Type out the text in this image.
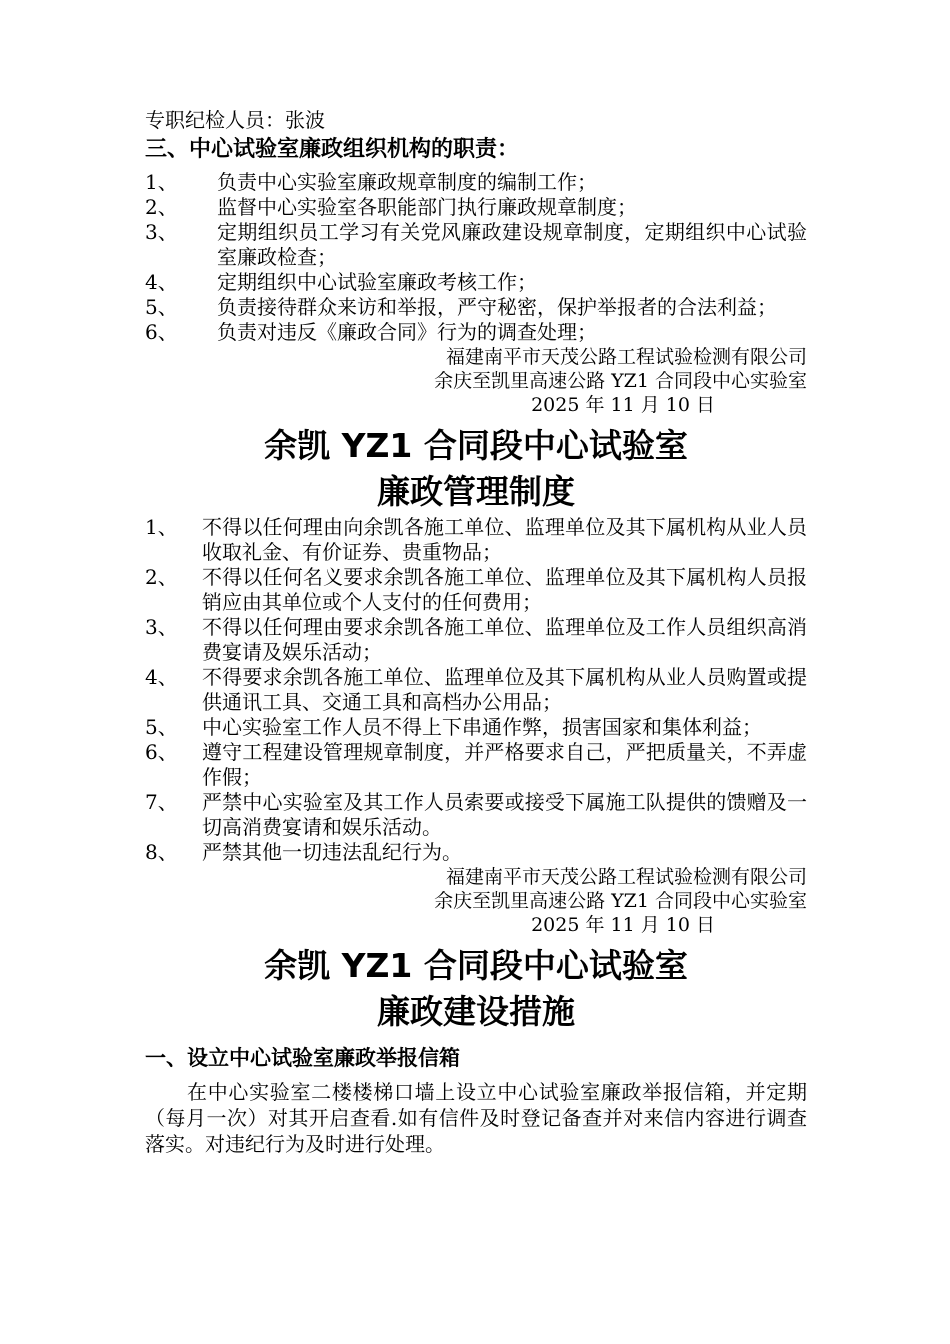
专职纪检人员：张波
三、中心试验室廉政组织机构的职责：
1、	负责中心实验室廉政规章制度的编制工作；
2、	监督中心实验室各职能部门执行廉政规章制度；
3、	定期组织员工学习有关党风廉政建设规章制度，定期组织中心试验室廉政检查；
4、	定期组织中心试验室廉政考核工作；
5、	负责接待群众来访和举报，严守秘密，保护举报者的合法利益；
6、	负责对违反《廉政合同》行为的调查处理；
福建南平市天茂公路工程试验检测有限公司
余庆至凯里高速公路 YZ1 合同段中心实验室
2025 年 11 月 10 日
余凯 YZ1 合同段中心试验室
廉政管理制度
1、	不得以任何理由向余凯各施工单位、监理单位及其下属机构从业人员收取礼金、有价证券、贵重物品；
2、	不得以任何名义要求余凯各施工单位、监理单位及其下属机构人员报销应由其单位或个人支付的任何费用；
3、	不得以任何理由要求余凯各施工单位、监理单位及工作人员组织高消费宴请及娱乐活动；
4、	不得要求余凯各施工单位、监理单位及其下属机构从业人员购置或提供通讯工具、交通工具和高档办公用品；
5、	中心实验室工作人员不得上下串通作弊，损害国家和集体利益；
6、	遵守工程建设管理规章制度，并严格要求自己，严把质量关，不弄虚作假；
7、	严禁中心实验室及其工作人员索要或接受下属施工队提供的馈赠及一切高消费宴请和娱乐活动。
8、	严禁其他一切违法乱纪行为。
福建南平市天茂公路工程试验检测有限公司
余庆至凯里高速公路 YZ1 合同段中心实验室
2025 年 11 月 10 日
余凯 YZ1 合同段中心试验室
廉政建设措施
一、设立中心试验室廉政举报信箱
在中心实验室二楼楼梯口墙上设立中心试验室廉政举报信箱，并定期（每月一次）对其开启查看.如有信件及时登记备查并对来信内容进行调查落实。对违纪行为及时进行处理。
